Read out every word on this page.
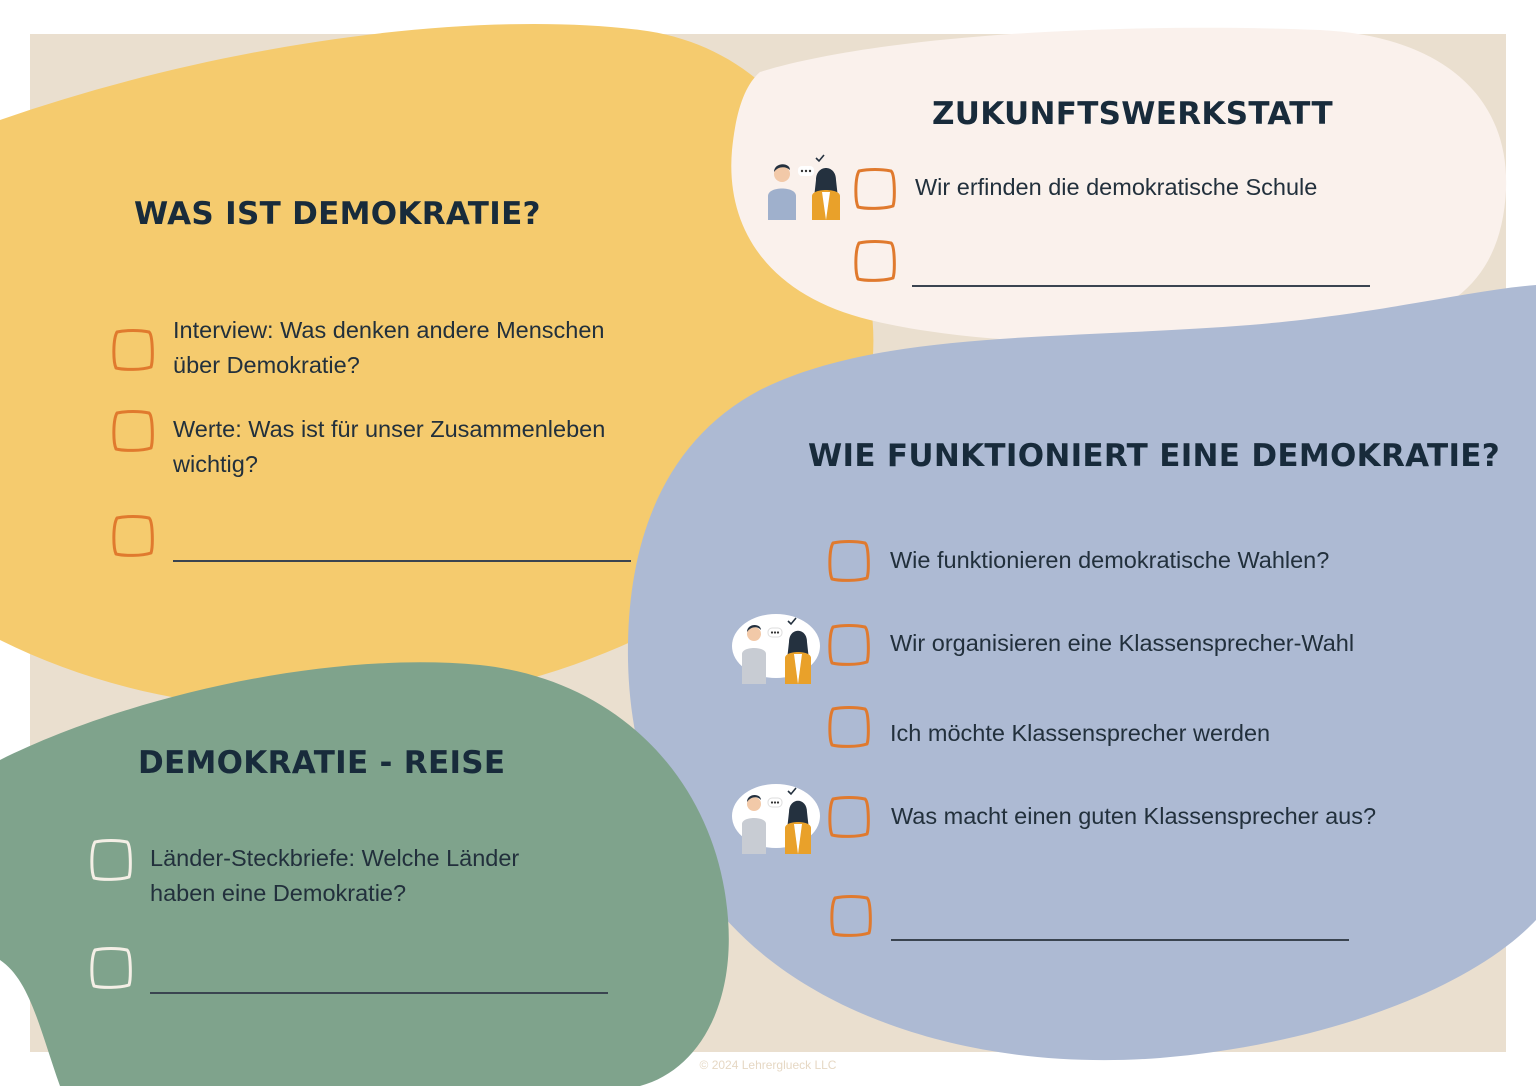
WAS IST DEMOKRATIE?
Interview: Was denken andere Menschen
über Demokratie?
Werte: Was ist für unser Zusammenleben
wichtig?
ZUKUNFTSWERKSTATT
Wir erfinden die demokratische Schule
WIE FUNKTIONIERT EINE DEMOKRATIE?
Wie funktionieren demokratische Wahlen?
Wir organisieren eine Klassensprecher-Wahl
Ich möchte Klassensprecher werden
Was macht einen guten Klassensprecher aus?
DEMOKRATIE - REISE
Länder-Steckbriefe: Welche Länder
haben eine Demokratie?
© 2024 Lehrerglueck LLC
